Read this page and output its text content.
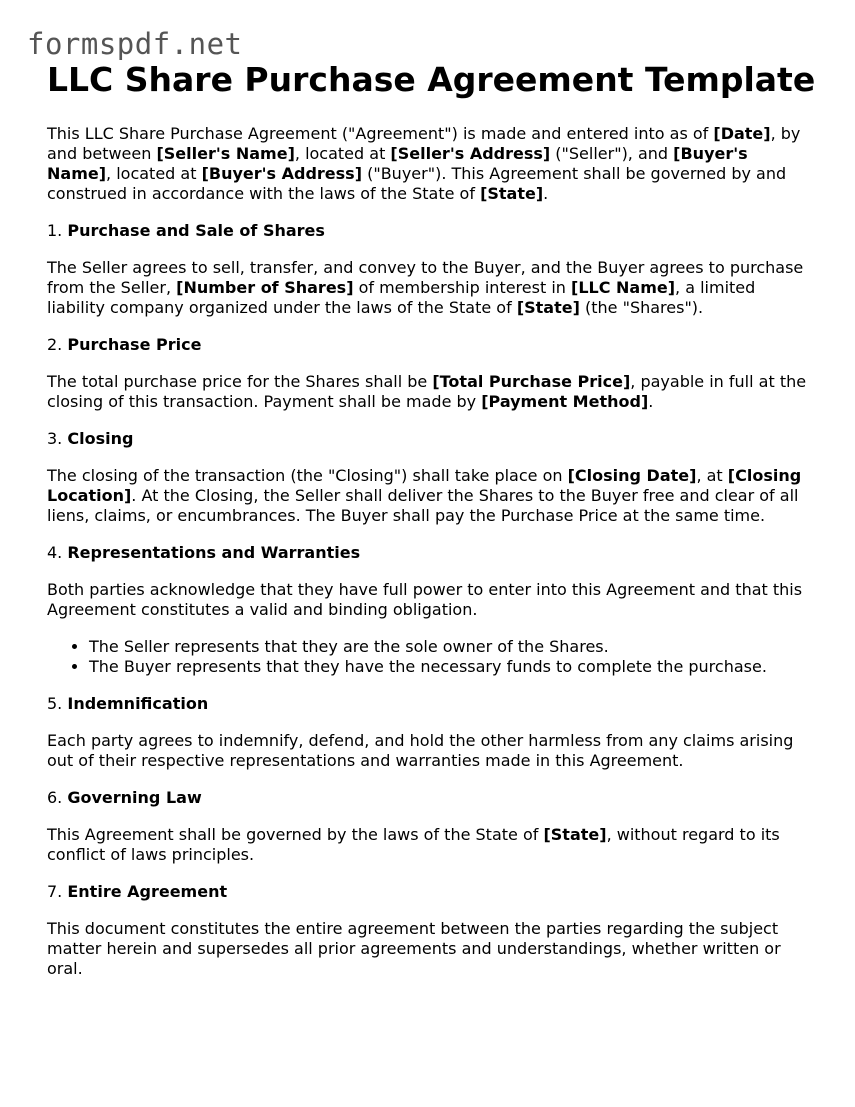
formspdf.net
LLC Share Purchase Agreement Template

This LLC Share Purchase Agreement ("Agreement") is made and entered into as of [Date], by and between [Seller's Name], located at [Seller's Address] ("Seller"), and [Buyer's Name], located at [Buyer's Address] ("Buyer"). This Agreement shall be governed by and construed in accordance with the laws of the State of [State].

1. Purchase and Sale of Shares

The Seller agrees to sell, transfer, and convey to the Buyer, and the Buyer agrees to purchase from the Seller, [Number of Shares] of membership interest in [LLC Name], a limited liability company organized under the laws of the State of [State] (the "Shares").

2. Purchase Price

The total purchase price for the Shares shall be [Total Purchase Price], payable in full at the closing of this transaction. Payment shall be made by [Payment Method].

3. Closing

The closing of the transaction (the "Closing") shall take place on [Closing Date], at [Closing Location]. At the Closing, the Seller shall deliver the Shares to the Buyer free and clear of all liens, claims, or encumbrances. The Buyer shall pay the Purchase Price at the same time.

4. Representations and Warranties

Both parties acknowledge that they have full power to enter into this Agreement and that this Agreement constitutes a valid and binding obligation.

• The Seller represents that they are the sole owner of the Shares.
• The Buyer represents that they have the necessary funds to complete the purchase.

5. Indemnification

Each party agrees to indemnify, defend, and hold the other harmless from any claims arising out of their respective representations and warranties made in this Agreement.

6. Governing Law

This Agreement shall be governed by the laws of the State of [State], without regard to its conflict of laws principles.

7. Entire Agreement

This document constitutes the entire agreement between the parties regarding the subject matter herein and supersedes all prior agreements and understandings, whether written or oral.
